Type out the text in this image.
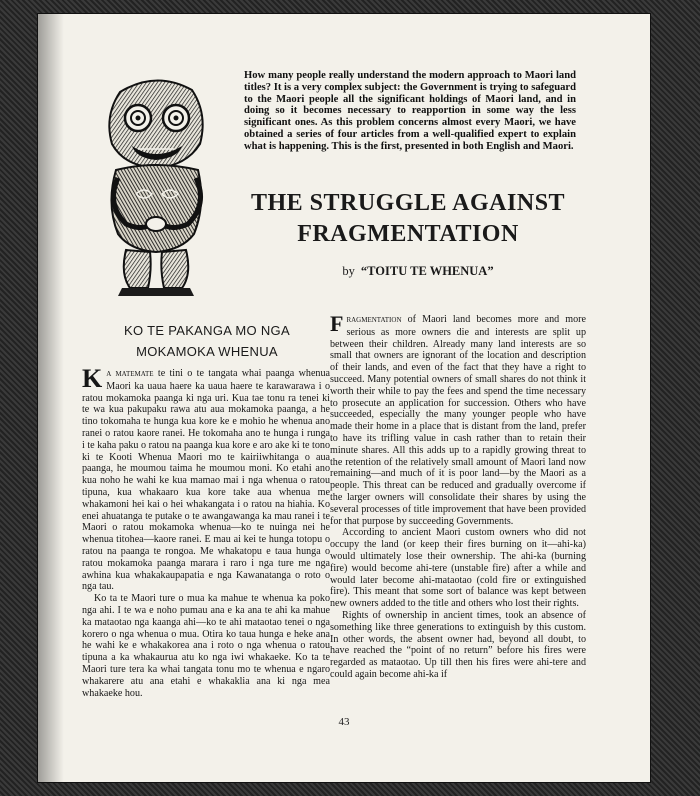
How many people really understand the modern approach to Maori land titles? It is a very complex subject: the Government is trying to safeguard to the Maori people all the significant holdings of Maori land, and in doing so it becomes necessary to reapportion in some way the less significant ones. As this problem concerns almost every Maori, we have obtained a series of four articles from a well-qualified expert to explain what is happening. This is the first, presented in both English and Maori.
THE STRUGGLE AGAINST
FRAGMENTATION
by “TOITU TE WHENUA”
KO TE PAKANGA MO NGA
MOKAMOKA WHENUA

Ka matemate te tini o te tangata whai paanga whenua Maori ka uaua haere ka uaua haere te karawarawa i o ratou mokamoka paanga ki nga uri. Kua tae tonu ra tenei ki te wa kua pakupaku rawa atu aua mokamoka paanga, a he tino tokomaha te hunga kua kore ke e mohio he whenua ano ranei o ratou kaore ranei. He tokomaha ano te hunga i runga i te kaha paku o ratou na paanga kua kore e aro ake ki te tono ki te Kooti Whenua Maori mo te kairiiwhitanga o aua paanga, he moumou taima he moumou moni. Ko etahi ano kua noho he wahi ke kua mamao mai i nga whenua o ratou tipuna, kua whakaaro kua kore take aua whenua me whakamoni hei kai o hei whakangata i o ratou na hiahia. Ko enei ahuatanga te putake o te awangawanga ka mau ranei i te Maori o ratou mokamoka whenua—ko te nuinga nei he whenua titohea—kaore ranei. E mau ai kei te hunga totopu o ratou na paanga te rongoa. Me whakatopu e taua hunga o ratou mokamoka paanga marara i raro i nga ture me nga awhina kua whakakaupapatia e nga Kawanatanga o roto o nga tau.

Ko ta te Maori ture o mua ka mahue te whenua ka poko nga ahi. I te wa e noho pumau ana e ka ana te ahi ka mahue ka mataotao nga kaanga ahi—ko te ahi mataotao tenei o nga korero o nga whenua o mua. Otira ko taua hunga e heke ana he wahi ke e whakakorea ana i roto o nga whenua o ratou tipuna a ka whakaurua atu ko nga iwi whakaeke. Ko ta te Maori ture tera ka whai tangata tonu mo te whenua e ngaro whakarere atu ana etahi e whakaklia ana ki nga mea whakaeke hou.

Fragmentation of Maori land becomes more and more serious as more owners die and interests are split up between their children. Already many land interests are so small that owners are ignorant of the location and description of their lands, and even of the fact that they have a right to succeed. Many potential owners of small shares do not think it worth their while to pay the fees and spend the time necessary to prosecute an application for succession. Others who have succeeded, especially the many younger people who have made their home in a place that is distant from the land, prefer to have its trifling value in cash rather than to retain their minute shares. All this adds up to a rapidly growing threat to the retention of the relatively small amount of Maori land now remaining—and much of it is poor land—by the Maori as a people. This threat can be reduced and gradually overcome if the larger owners will consolidate their shares by using the several processes of title improvement that have been provided for that purpose by succeeding Governments.

According to ancient Maori custom owners who did not occupy the land (or keep their fires burning on it—ahi-ka) would ultimately lose their ownership. The ahi-ka (burning fire) would become ahi-tere (unstable fire) after a while and would later become ahi-mataotao (cold fire or extinguished fire). This meant that some sort of balance was kept between new owners added to the title and others who lost their rights.

Rights of ownership in ancient times, took an absence of something like three generations to extinguish by this custom. In other words, the absent owner had, beyond all doubt, to have reached the “point of no return” before his fires were regarded as mataotao. Up till then his fires were ahi-tere and could again become ahi-ka if

43
